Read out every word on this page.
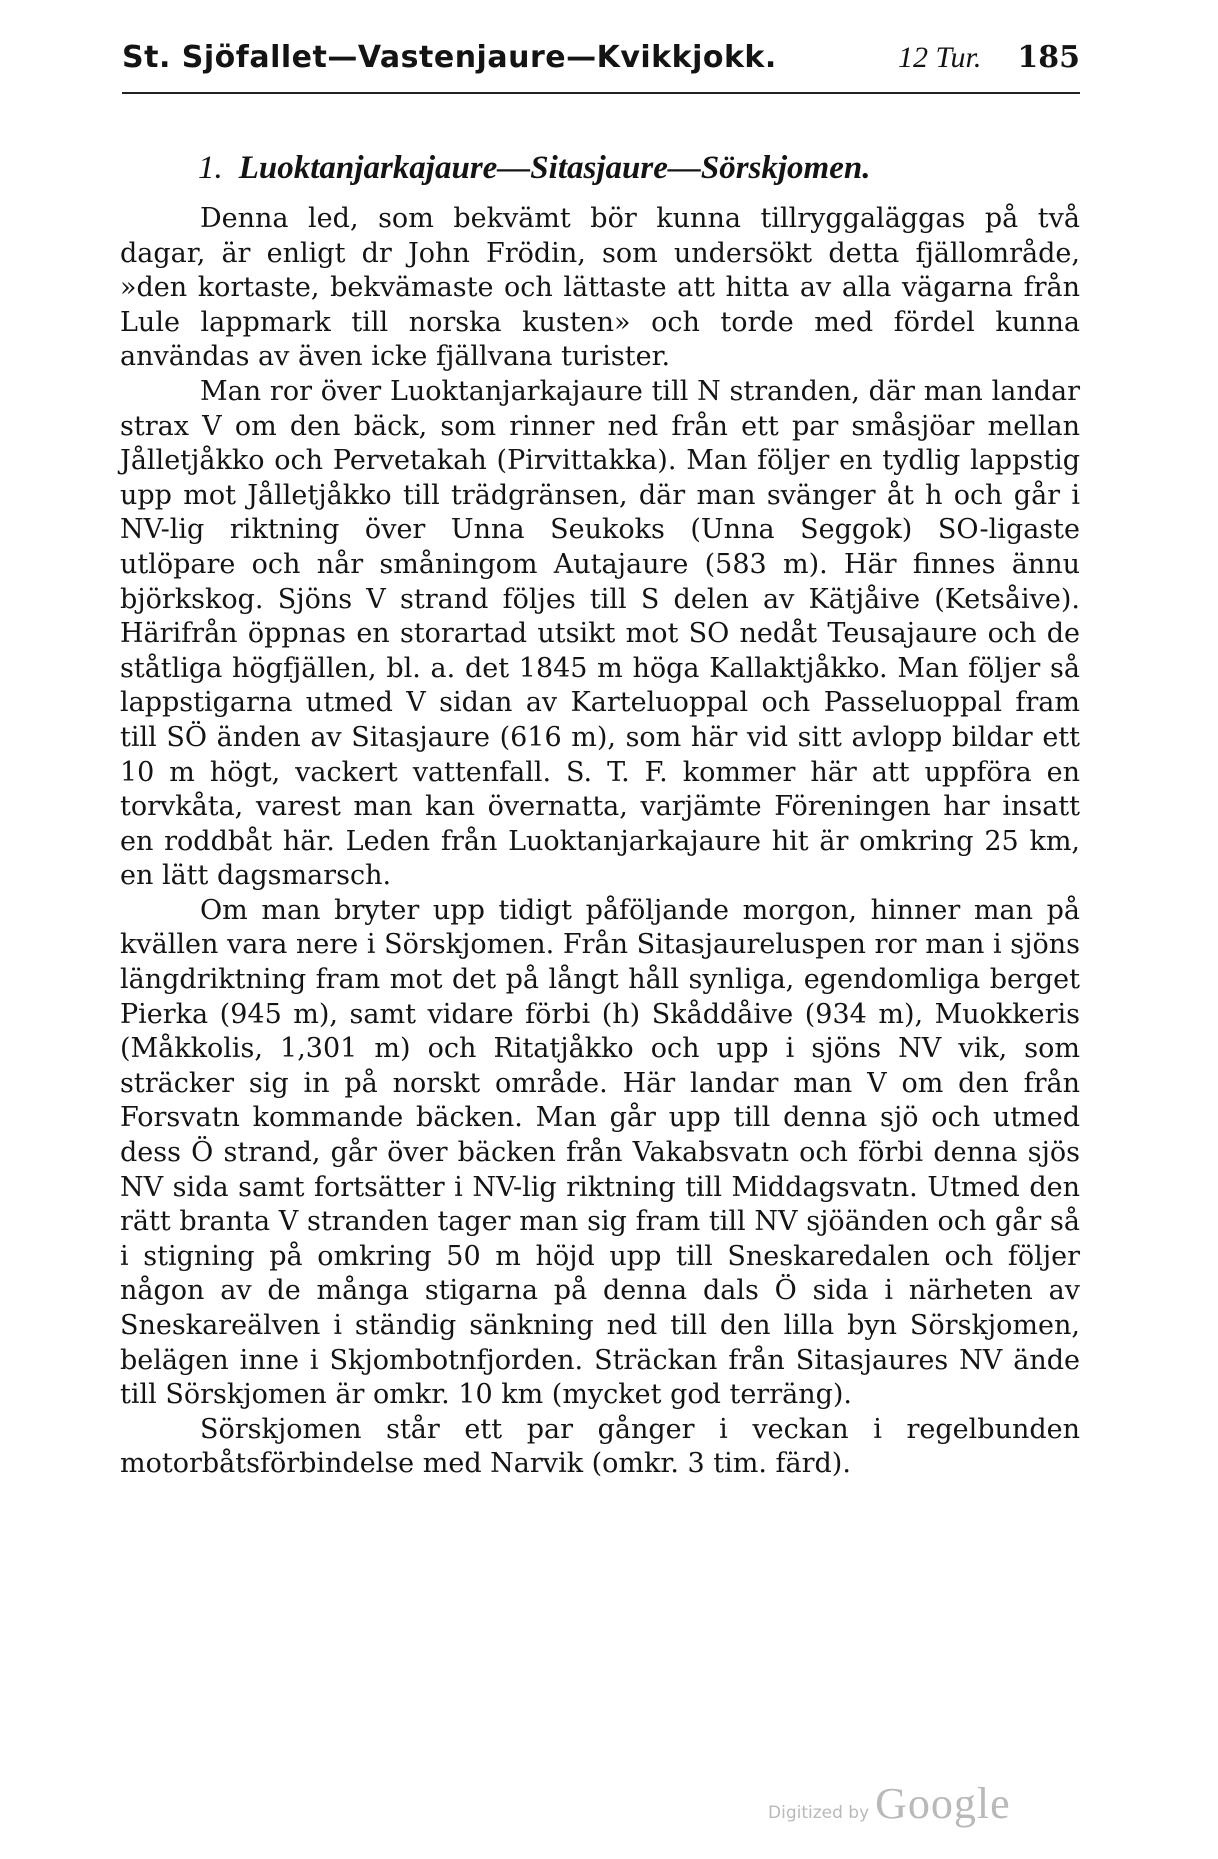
St. Sjöfallet—Vastenjaure—Kvikkjokk.	12 Tur. 185
1. Luoktanjarkajaure—Sitasjaure—Sörskjomen.

Denna led, som bekvämt bör kunna tillryggaläggas på två dagar, är enligt dr John Frödin, som undersökt detta fjällområde, »den kortaste, bekvämaste och lättaste att hitta av alla vägarna från Lule lappmark till norska kusten» och torde med fördel kunna användas av även icke fjällvana turister.

Man ror över Luoktanjarkajaure till N stranden, där man landar strax V om den bäck, som rinner ned från ett par småsjöar mellan Jålletjåkko och Pervetakah (Pirvittakka). Man följer en tydlig lappstig upp mot Jålletjåkko till trädgränsen, där man svänger åt h och går i NV-lig riktning över Unna Seukoks (Unna Seggok) SO-ligaste utlöpare och når småningom Autajaure (583 m). Här finnes ännu björkskog. Sjöns V strand följes till S delen av Kätjåive (Ketsåive). Härifrån öppnas en storartad utsikt mot SO nedåt Teusajaure och de ståtliga högfjällen, bl. a. det 1845 m höga Kallaktjåkko. Man följer så lappstigarna utmed V sidan av Karteluoppal och Passeluoppal fram till SÖ änden av Sitasjaure (616 m), som här vid sitt avlopp bildar ett 10 m högt, vackert vattenfall. S. T. F. kommer här att uppföra en torvkåta, varest man kan övernatta, varjämte Föreningen har insatt en roddbåt här. Leden från Luoktanjarkajaure hit är omkring 25 km, en lätt dagsmarsch.

Om man bryter upp tidigt påföljande morgon, hinner man på kvällen vara nere i Sörskjomen. Från Sitasjaureluspen ror man i sjöns längdriktning fram mot det på långt håll synliga, egendomliga berget Pierka (945 m), samt vidare förbi (h) Skåddåive (934 m), Muokkeris (Måkkolis, 1,301 m) och Ritatjåkko och upp i sjöns NV vik, som sträcker sig in på norskt område. Här landar man V om den från Forsvatn kommande bäcken. Man går upp till denna sjö och utmed dess Ö strand, går över bäcken från Vakabsvatn och förbi denna sjös NV sida samt fortsätter i NV-lig riktning till Middagsvatn. Utmed den rätt branta V stranden tager man sig fram till NV sjöänden och går så i stigning på omkring 50 m höjd upp till Sneskaredalen och följer någon av de många stigarna på denna dals Ö sida i närheten av Sneskareälven i ständig sänkning ned till den lilla byn Sörskjomen, belägen inne i Skjombotnfjorden. Sträckan från Sitasjaures NV ände till Sörskjomen är omkr. 10 km (mycket god terräng).

Sörskjomen står ett par gånger i veckan i regelbunden motorbåtsförbindelse med Narvik (omkr. 3 tim. färd).

Digitized by Google
